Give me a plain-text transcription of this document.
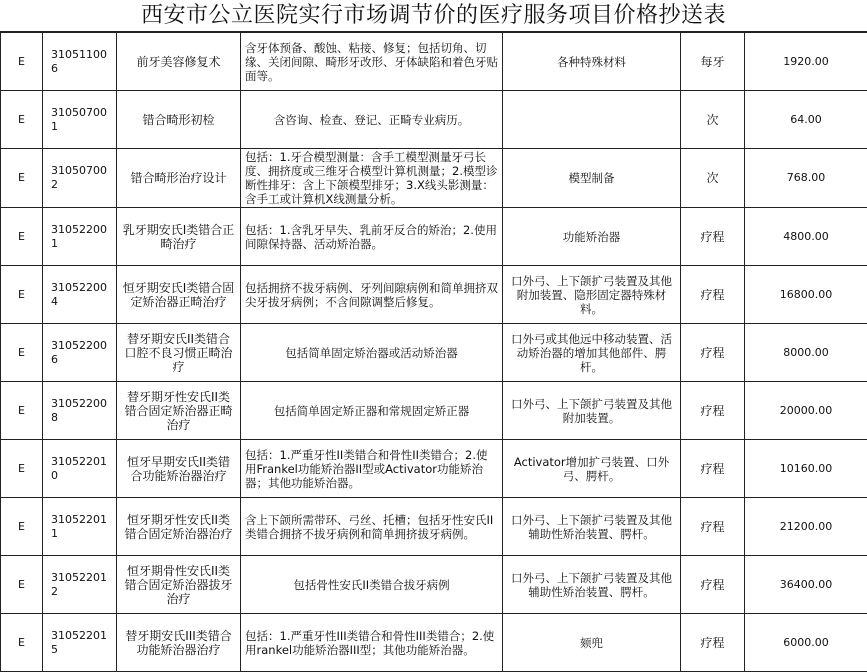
西安市公立医院实行市场调节价的医疗服务项目价格抄送表
E	310511006	前牙美容修复术	含牙体预备、酸蚀、粘接、修复；包括切角、切缘、关闭间隙、畸形牙改形、牙体缺陷和着色牙贴面等。	各种特殊材料	每牙	1920.00
E	310507001	错合畸形初检	含咨询、检查、登记、正畸专业病历。		次	64.00
E	310507002	错合畸形治疗设计	包括：1.牙合模型测量：含手工模型测量牙弓长度、拥挤度或三维牙合模型计算机测量；2.模型诊断性排牙：含上下颌模型排牙；3.X线头影测量：含手工或计算机X线测量分析。	模型制备	次	768.00
E	310522001	乳牙期安氏I类错合正畸治疗	包括：1.含乳牙早失、乳前牙反合的矫治；2.使用间隙保持器、活动矫治器。	功能矫治器	疗程	4800.00
E	310522004	恒牙期安氏I类错合固定矫治器正畸治疗	包括拥挤不拔牙病例、牙列间隙病例和简单拥挤双尖牙拔牙病例；不含间隙调整后修复。	口外弓、上下颌扩弓装置及其他附加装置、隐形固定器特殊材料。	疗程	16800.00
E	310522006	替牙期安氏II类错合口腔不良习惯正畸治疗	包括简单固定矫治器或活动矫治器	口外弓或其他远中移动装置、活动矫治器的增加其他部件、腭杆。	疗程	8000.00
E	310522008	替牙期牙性安氏II类错合固定矫治器正畸治疗	包括简单固定矫正器和常规固定矫正器	口外弓、上下颌扩弓装置及其他附加装置。	疗程	20000.00
E	310522010	恒牙早期安氏II类错合功能矫治器治疗	包括：1.严重牙性II类错合和骨性II类错合；2.使用Frankel功能矫治器II型或Activator功能矫治器；其他功能矫治器。	Activator增加扩弓装置、口外弓、腭杆。	疗程	10160.00
E	310522011	恒牙期牙性安氏II类错合固定矫治器治疗	含上下颌所需带环、弓丝、托槽；包括牙性安氏II类错合拥挤不拔牙病例和简单拥挤拔牙病例。	口外弓、上下颌扩弓装置及其他辅助性矫治装置、腭杆。	疗程	21200.00
E	310522012	恒牙期骨性安氏II类错合固定矫治器拔牙治疗	包括骨性安氏II类错合拔牙病例	口外弓、上下颌扩弓装置及其他辅助性矫治装置、腭杆。	疗程	36400.00
E	310522015	替牙期安氏III类错合功能矫治器治疗	包括：1.严重牙性III类错合和骨性III类错合；2.使用rankel功能矫治器III型；其他功能矫治器。	颏兜	疗程	6000.00
